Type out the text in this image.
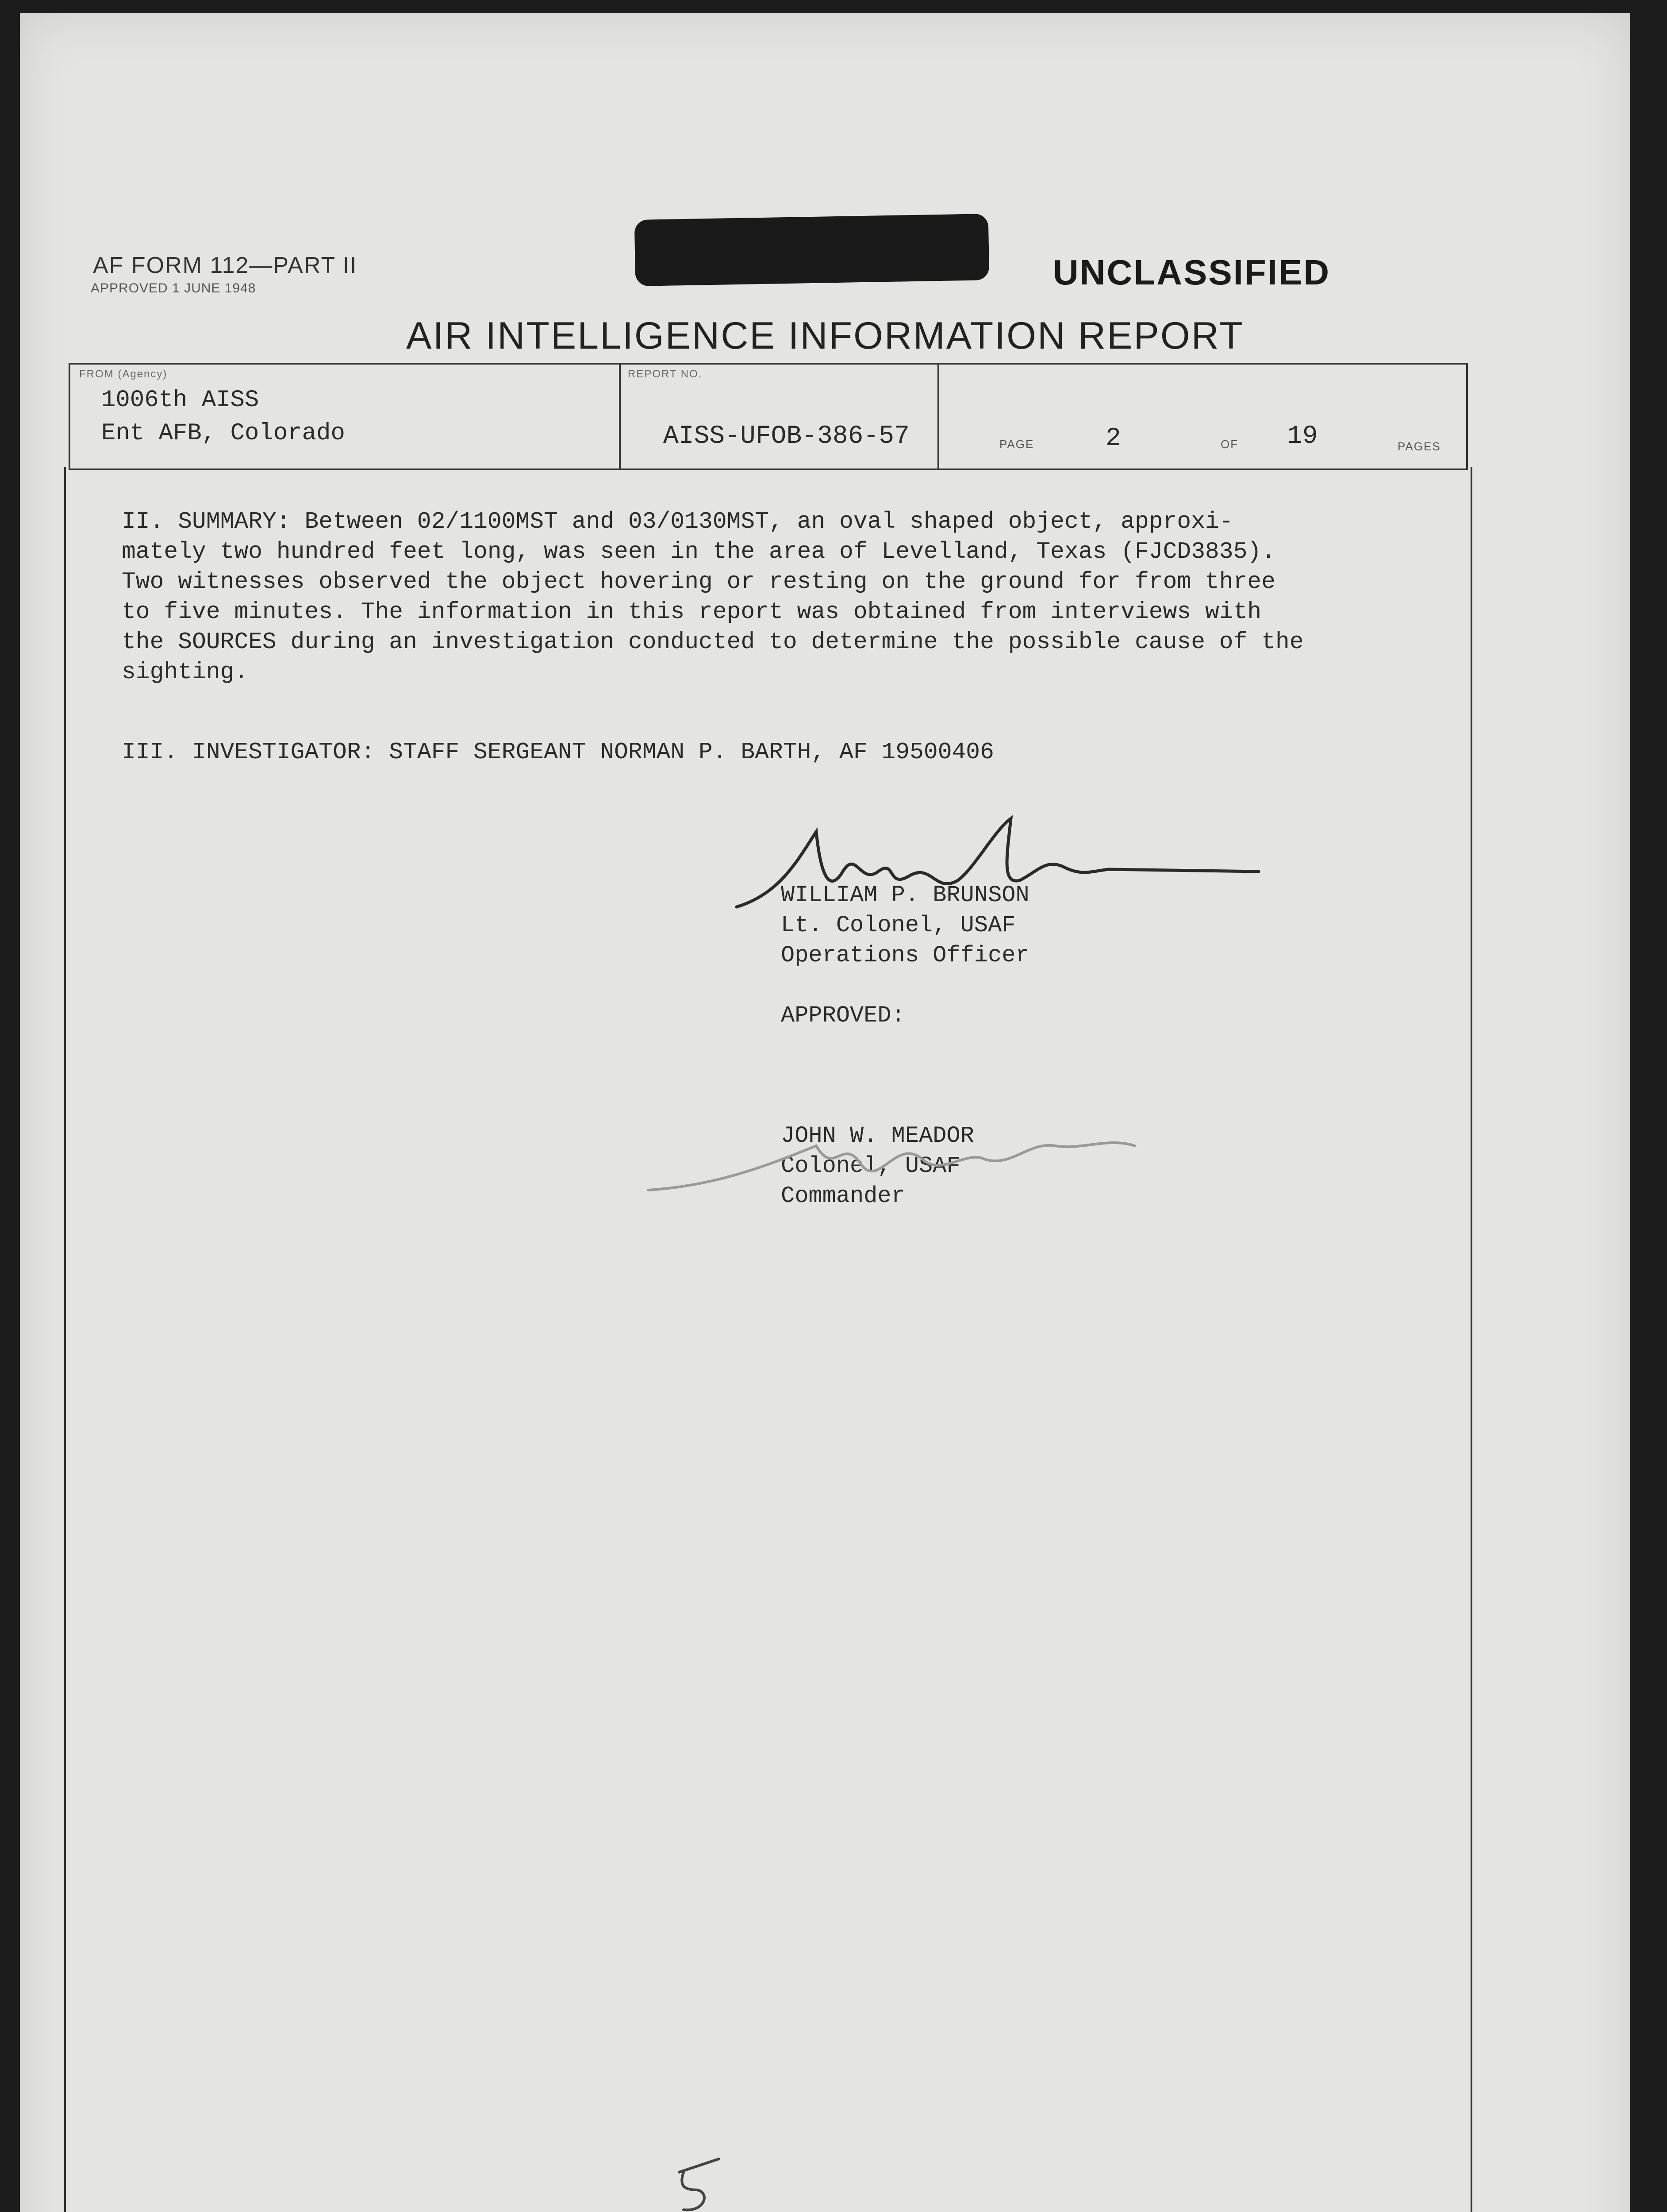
AF FORM 112—PART II
APPROVED 1 JUNE 1948	UNCLASSIFIED
AIR INTELLIGENCE INFORMATION REPORT
FROM (Agency)
1006th AISS
Ent AFB, Colorado
REPORT NO.
AISS-UFOB-386-57	PAGE	2	OF 19	PAGES
II. SUMMARY: Between 02/1100MST and 03/0130MST, an oval shaped object, approxi-
mately two hundred feet long, was seen in the area of Levelland, Texas (FJCD3835).
Two witnesses observed the object hovering or resting on the ground for from three
to five minutes. The information in this report was obtained from interviews with
the SOURCES during an investigation conducted to determine the possible cause of the
sighting.
III. INVESTIGATOR: STAFF SERGEANT NORMAN P. BARTH, AF 19500406
WILLIAM P. BRUNSON
Lt. Colonel, USAF
Operations Officer

APPROVED:

JOHN W. MEADOR
Colonel, USAF
Commander
